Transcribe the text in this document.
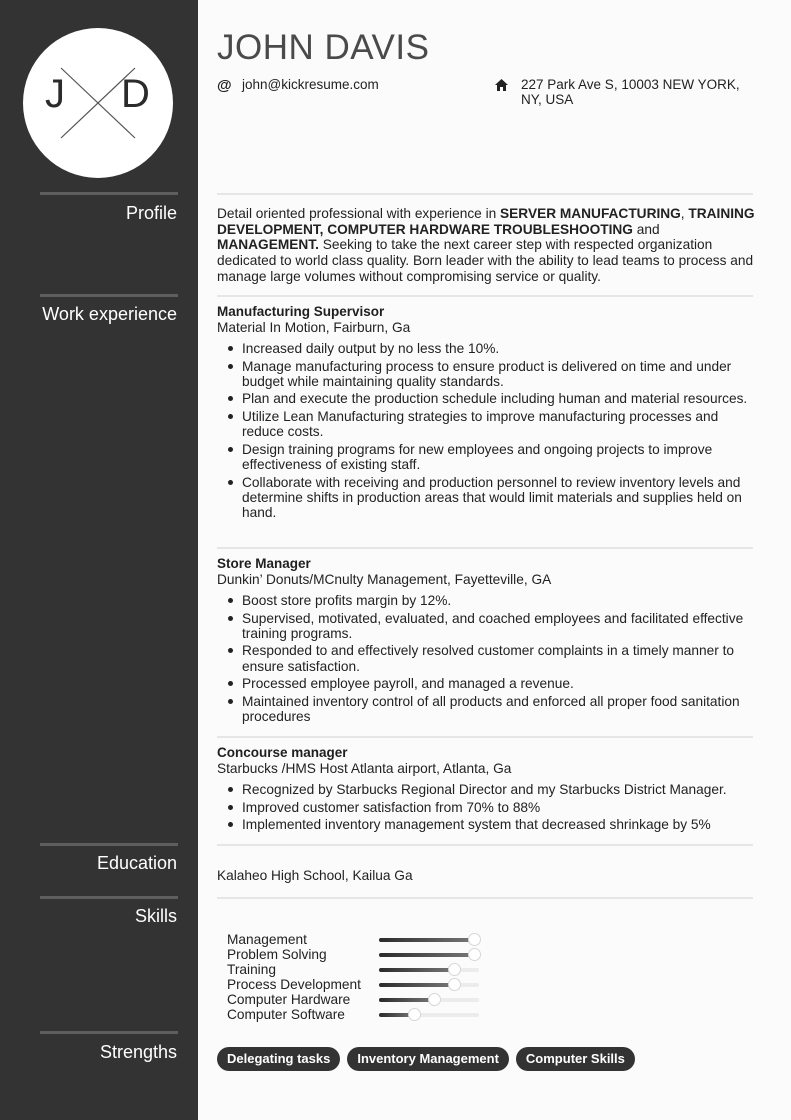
J D
Profile
Work experience
Education
Skills
Strengths
JOHN DAVIS
@ john@kickresume.com	227 Park Ave S, 10003 NEW YORK, NY, USA
Detail oriented professional with experience in SERVER MANUFACTURING, TRAINING DEVELOPMENT, COMPUTER HARDWARE TROUBLESHOOTING and MANAGEMENT. Seeking to take the next career step with respected organization dedicated to world class quality. Born leader with the ability to lead teams to process and manage large volumes without compromising service or quality.
Manufacturing Supervisor
Material In Motion, Fairburn, Ga
Increased daily output by no less the 10%.
Manage manufacturing process to ensure product is delivered on time and under budget while maintaining quality standards.
Plan and execute the production schedule including human and material resources.
Utilize Lean Manufacturing strategies to improve manufacturing processes and reduce costs.
Design training programs for new employees and ongoing projects to improve effectiveness of existing staff.
Collaborate with receiving and production personnel to review inventory levels and determine shifts in production areas that would limit materials and supplies held on hand.
Store Manager
Dunkin’ Donuts/MCnulty Management, Fayetteville, GA
Boost store profits margin by 12%.
Supervised, motivated, evaluated, and coached employees and facilitated effective training programs.
Responded to and effectively resolved customer complaints in a timely manner to ensure satisfaction.
Processed employee payroll, and managed a revenue.
Maintained inventory control of all products and enforced all proper food sanitation procedures
Concourse manager
Starbucks /HMS Host Atlanta airport, Atlanta, Ga
Recognized by Starbucks Regional Director and my Starbucks District Manager.
Improved customer satisfaction from 70% to 88%
Implemented inventory management system that decreased shrinkage by 5%
Kalaheo High School, Kailua Ga
Management
Problem Solving
Training
Process Development
Computer Hardware
Computer Software
Delegating tasks	Inventory Management	Computer Skills
